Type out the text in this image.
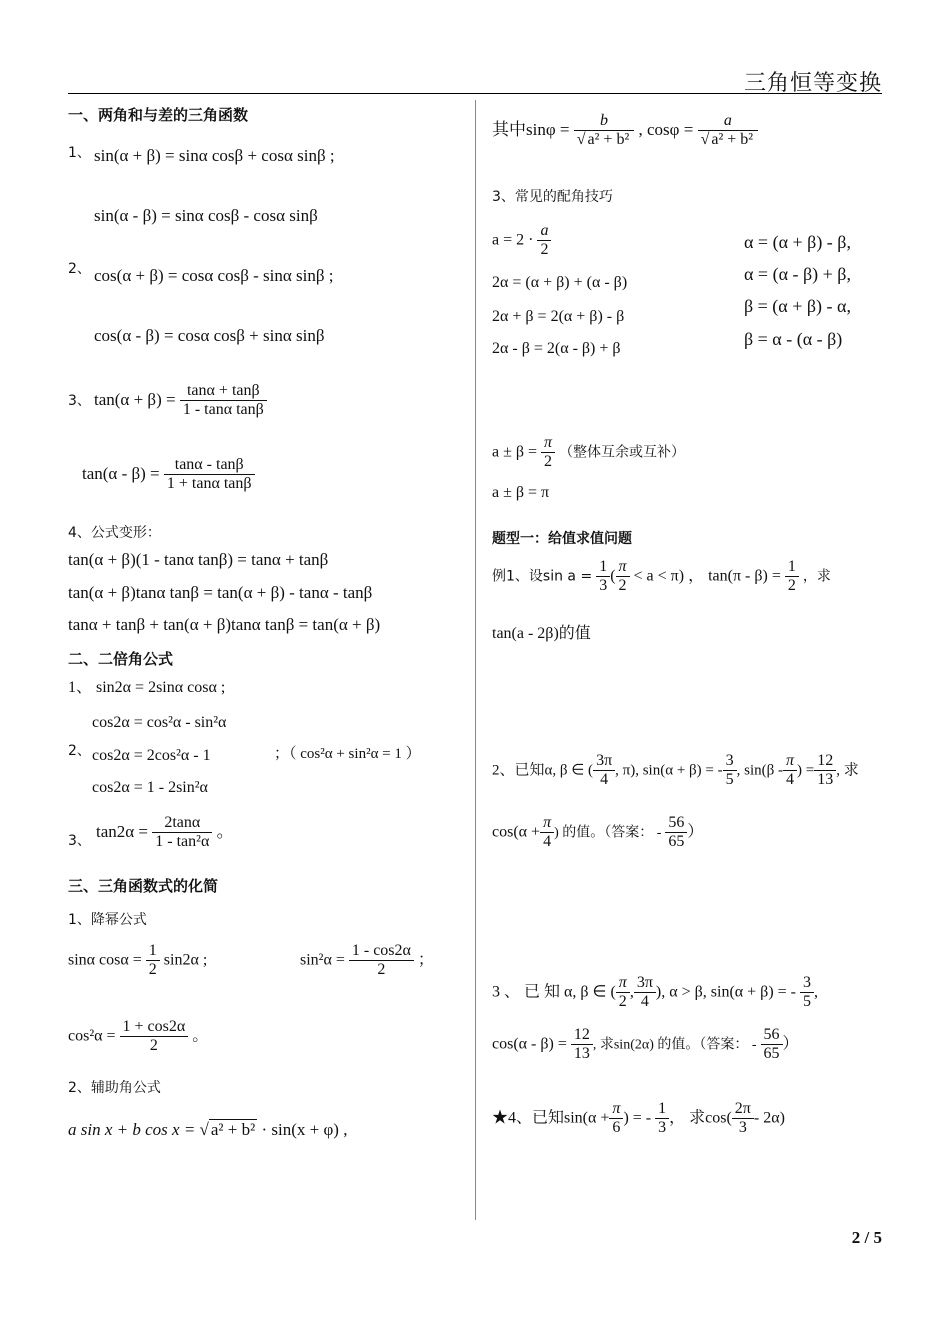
三角恒等变换
一、两角和与差的三角函数
1、 sin(α + β) = sinα cosβ + cosα sinβ ;
sin(α - β) = sinα cosβ - cosα sinβ
2、 cos(α + β) = cosα cosβ - sinα sinβ ;
cos(α - β) = cosα cosβ + sinα sinβ
3、 $\tan(\alpha + \beta) = \frac{\tan\alpha + \tan\beta}{\text{1 - tanα tanβ}}$
$\tan(\alpha - \beta) = \frac{\tan\alpha - \tan\beta}{\text{1 + tanα tanβ}}$
4、公式变形：
tan(α + β)(1 - tanα tanβ) = tanα + tanβ
tan(α + β)tanα tanβ = tan(α + β) - tanα - tanβ
tanα + tanβ + tan(α + β)tanα tanβ = tan(α + β)
二、二倍角公式
1、 sin2α = 2sinα cosα ;
2、
cos2α = cos²α - sin²α
cos2α = 2cos²α - 1
cos2α = 1 - 2sin²α
；（ cos²α + sin²α = 1 ）
3、
$\tan 2\alpha = \frac{2\tan\alpha}{\text{1 - tan²α}}$ 。
三、三角函数式的化简
1、降幂公式
sinα $\cos\alpha = \frac{1}{2} \sin 2\alpha$ ;	$\sin^2\alpha = \frac{1 - \cos 2\alpha}{2}$ ；
$\cos^2\alpha = \frac{1 + \cos 2\alpha}{2}$ 。
2、辅助角公式
a sin x + b cos x = √ a² + b² · sin(x + φ) ,
其中$\sin\varphi = \frac{b}{\text{√ a² + b²}}$ , $\cos\varphi = \frac{a}{\text{√ a² + b²}}$
3、常见的配角技巧
$a = 2 \cdot \frac{a}{2}$
2α = (α + β) + (α - β)
2α + β = 2(α + β) - β
2α - β = 2(α - β) + β
α = (α + β) - β,
α = (α - β) + β,
β = (α + β) - α,
β = α - (α - β)
$a \pm \beta = \frac{\pi}{2}$ （整体互余或互补）
a ± β = π
题型一：给值求值问题
例1、设$\sin a = \frac{1}{3}$ ( $\frac{\pi}{2} < a < \pi$) ， $\tan(\pi - \beta) = \frac{1}{2}$ ，求
tan(a - 2β)的值
2、已知α, β ∈ ( $\frac{3\pi}{4}$ , π), sin(α + β) = - $\frac{3}{5}$ , $\sin(\beta - \frac{\pi}{4}$ ) = $\frac{12}{13}$ , 求
$\cos(\alpha + \frac{\pi}{4}$ ) 的值。（答案： - $\frac{56}{65}$ ）
3 、 已 知 α, β ∈ ( $\frac{\pi}{2}$ , $\frac{3\pi}{4}$ ), α > β, sin(α + β) = - $\frac{3}{5}$ ,
$\cos(\alpha - \beta) = \frac{12}{13}$ , 求sin(2α) 的值。（答案： - $\frac{56}{65}$ ）
★4、已知$\sin(\alpha + \frac{\pi}{6}$ ) = - $\frac{1}{3}$ ， 求$\cos( \frac{2\pi}{3} - 2\alpha)$
2 / 5
